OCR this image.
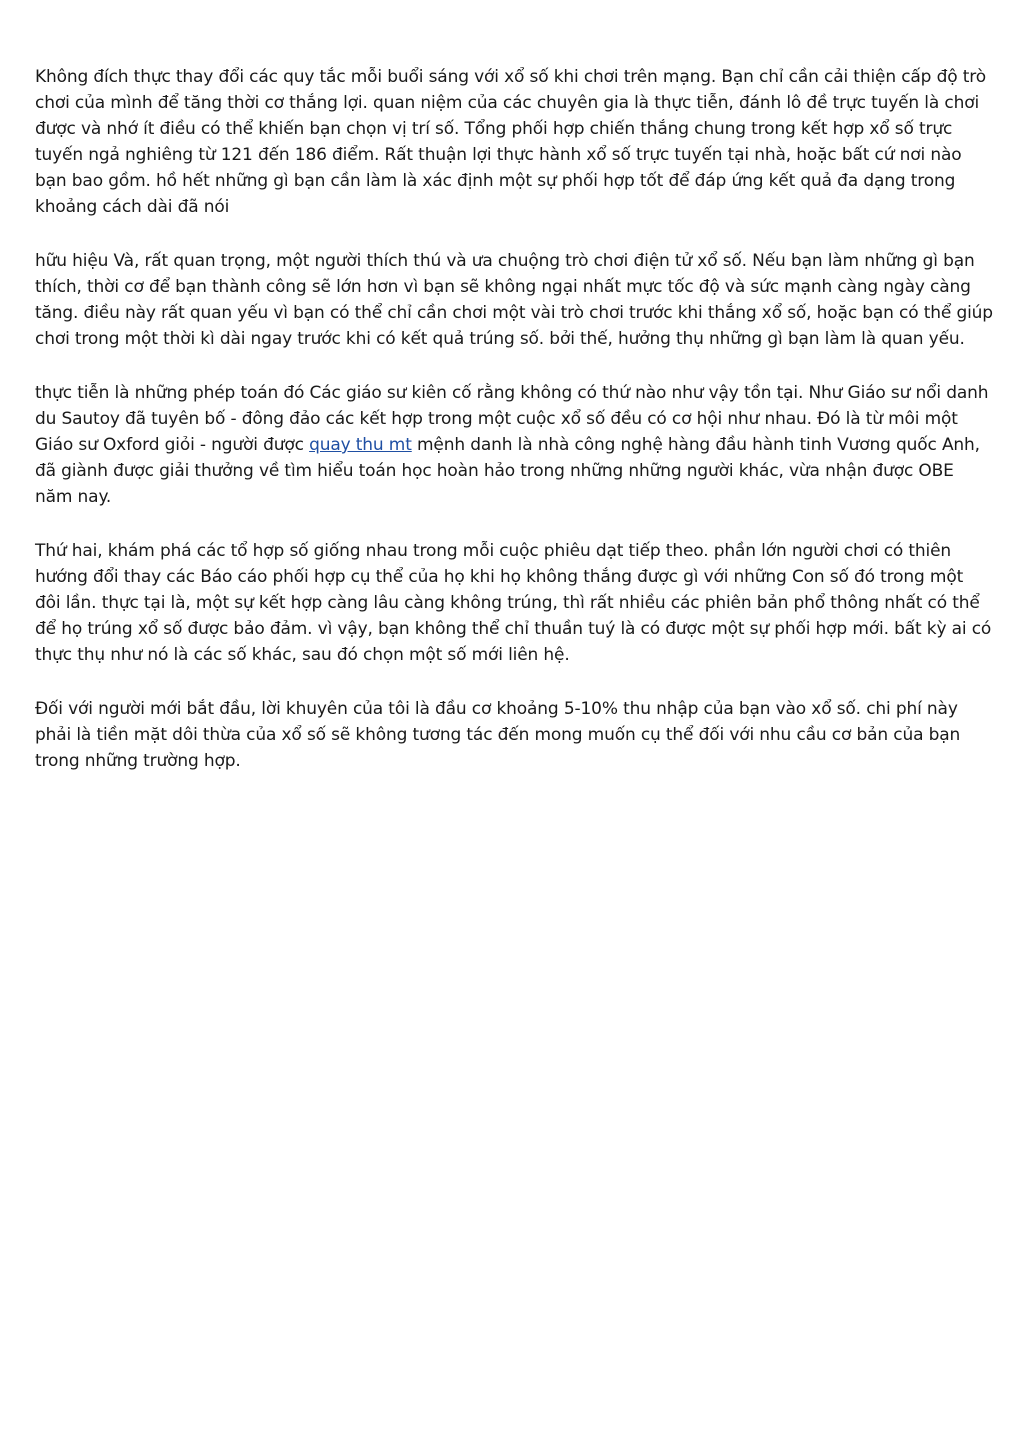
Không đích thực thay đổi các quy tắc mỗi buổi sáng với xổ số khi chơi trên mạng. Bạn chỉ cần cải thiện cấp độ trò chơi của mình để tăng thời cơ thắng lợi. quan niệm của các chuyên gia là thực tiễn, đánh lô đề trực tuyến là chơi được và nhớ ít điều có thể khiến bạn chọn vị trí số. Tổng phối hợp chiến thắng chung trong kết hợp xổ số trực tuyến ngả nghiêng từ 121 đến 186 điểm. Rất thuận lợi thực hành xổ số trực tuyến tại nhà, hoặc bất cứ nơi nào bạn bao gồm. hồ hết những gì bạn cần làm là xác định một sự phối hợp tốt để đáp ứng kết quả đa dạng trong khoảng cách dài đã nói

hữu hiệu Và, rất quan trọng, một người thích thú và ưa chuộng trò chơi điện tử xổ số. Nếu bạn làm những gì bạn thích, thời cơ để bạn thành công sẽ lớn hơn vì bạn sẽ không ngại nhất mực tốc độ và sức mạnh càng ngày càng tăng. điều này rất quan yếu vì bạn có thể chỉ cần chơi một vài trò chơi trước khi thắng xổ số, hoặc bạn có thể giúp chơi trong một thời kì dài ngay trước khi có kết quả trúng số. bởi thế, hưởng thụ những gì bạn làm là quan yếu.

thực tiễn là những phép toán đó Các giáo sư kiên cố rằng không có thứ nào như vậy tồn tại. Như Giáo sư nổi danh du Sautoy đã tuyên bố - đông đảo các kết hợp trong một cuộc xổ số đều có cơ hội như nhau. Đó là từ môi một Giáo sư Oxford giỏi - người được quay thu mt mệnh danh là nhà công nghệ hàng đầu hành tinh Vương quốc Anh, đã giành được giải thưởng về tìm hiểu toán học hoàn hảo trong những những người khác, vừa nhận được OBE năm nay.

Thứ hai, khám phá các tổ hợp số giống nhau trong mỗi cuộc phiêu dạt tiếp theo. phần lớn người chơi có thiên hướng đổi thay các Báo cáo phối hợp cụ thể của họ khi họ không thắng được gì với những Con số đó trong một đôi lần. thực tại là, một sự kết hợp càng lâu càng không trúng, thì rất nhiều các phiên bản phổ thông nhất có thể để họ trúng xổ số được bảo đảm. vì vậy, bạn không thể chỉ thuần tuý là có được một sự phối hợp mới. bất kỳ ai có thực thụ như nó là các số khác, sau đó chọn một số mới liên hệ.

Đối với người mới bắt đầu, lời khuyên của tôi là đầu cơ khoảng 5-10% thu nhập của bạn vào xổ số. chi phí này phải là tiền mặt dôi thừa của xổ số sẽ không tương tác đến mong muốn cụ thể đối với nhu cầu cơ bản của bạn trong những trường hợp.
